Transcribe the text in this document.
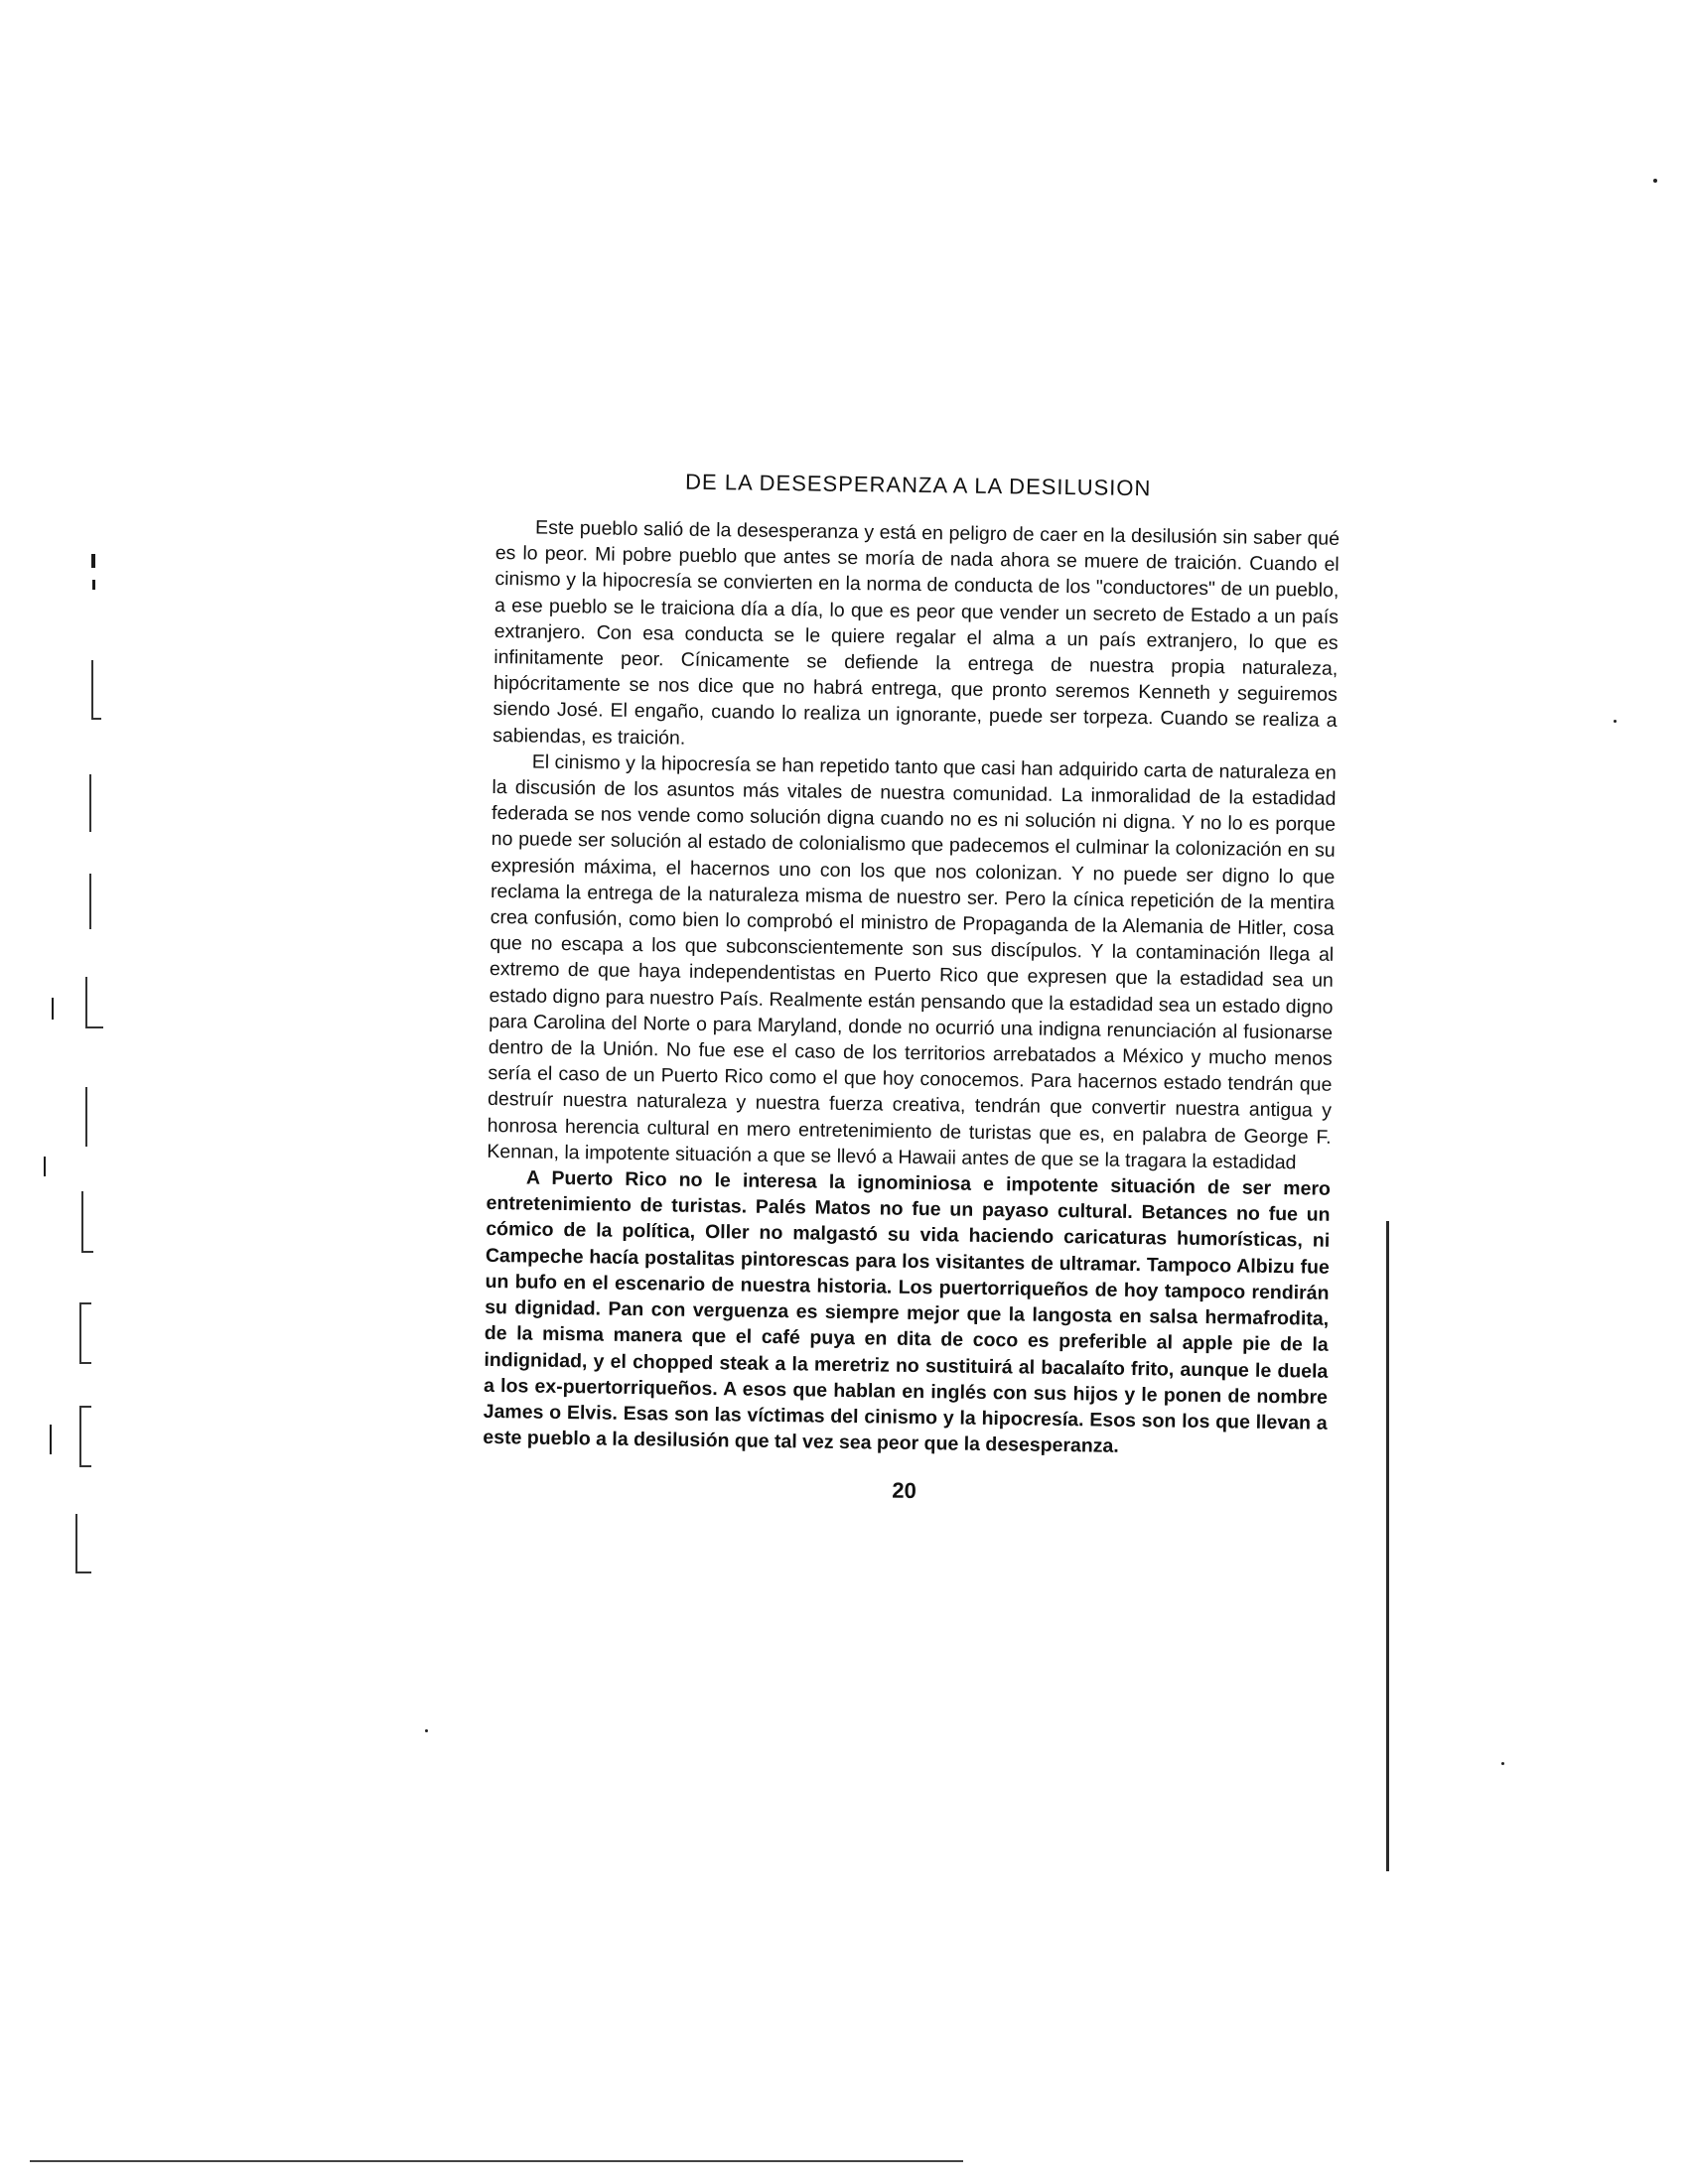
DE LA DESESPERANZA A LA DESILUSION

Este pueblo salió de la desesperanza y está en peligro de caer en la desilusión sin saber qué es lo peor. Mi pobre pueblo que antes se moría de nada ahora se muere de traición. Cuando el cinismo y la hipocresía se convierten en la norma de conducta de los "conductores" de un pueblo, a ese pueblo se le traiciona día a día, lo que es peor que vender un secreto de Estado a un país extranjero. Con esa conducta se le quiere regalar el alma a un país extranjero, lo que es infinitamente peor. Cínicamente se defiende la entrega de nuestra propia naturaleza, hipócritamente se nos dice que no habrá entrega, que pronto seremos Kenneth y seguiremos siendo José. El engaño, cuando lo realiza un ignorante, puede ser torpeza. Cuando se realiza a sabiendas, es traición.

El cinismo y la hipocresía se han repetido tanto que casi han adquirido carta de naturaleza en la discusión de los asuntos más vitales de nuestra comunidad. La inmoralidad de la estadidad federada se nos vende como solución digna cuando no es ni solución ni digna. Y no lo es porque no puede ser solución al estado de colonialismo que padecemos el culminar la colonización en su expresión máxima, el hacernos uno con los que nos colonizan. Y no puede ser digno lo que reclama la entrega de la naturaleza misma de nuestro ser. Pero la cínica repetición de la mentira crea confusión, como bien lo comprobó el ministro de Propaganda de la Alemania de Hitler, cosa que no escapa a los que subconscientemente son sus discípulos. Y la contaminación llega al extremo de que haya independentistas en Puerto Rico que expresen que la estadidad sea un estado digno para nuestro País. Realmente están pensando que la estadidad sea un estado digno para Carolina del Norte o para Maryland, donde no ocurrió una indigna renunciación al fusionarse dentro de la Unión. No fue ese el caso de los territorios arrebatados a México y mucho menos sería el caso de un Puerto Rico como el que hoy conocemos. Para hacernos estado tendrán que destruír nuestra naturaleza y nuestra fuerza creativa, tendrán que convertir nuestra antigua y honrosa herencia cultural en mero entretenimiento de turistas que es, en palabra de George F. Kennan, la impotente situación a que se llevó a Hawaii antes de que se la tragara la estadidad

A Puerto Rico no le interesa la ignominiosa e impotente situación de ser mero entretenimiento de turistas. Palés Matos no fue un payaso cultural. Betances no fue un cómico de la política, Oller no malgastó su vida haciendo caricaturas humorísticas, ni Campeche hacía postalitas pintorescas para los visitantes de ultramar. Tampoco Albizu fue un bufo en el escenario de nuestra historia. Los puertorriqueños de hoy tampoco rendirán su dignidad. Pan con verguenza es siempre mejor que la langosta en salsa hermafrodita, de la misma manera que el café puya en dita de coco es preferible al apple pie de la indignidad, y el chopped steak a la meretriz no sustituirá al bacalaíto frito, aunque le duela a los ex-puertorriqueños. A esos que hablan en inglés con sus hijos y le ponen de nombre James o Elvis. Esas son las víctimas del cinismo y la hipocresía. Esos son los que llevan a este pueblo a la desilusión que tal vez sea peor que la desesperanza.

20
